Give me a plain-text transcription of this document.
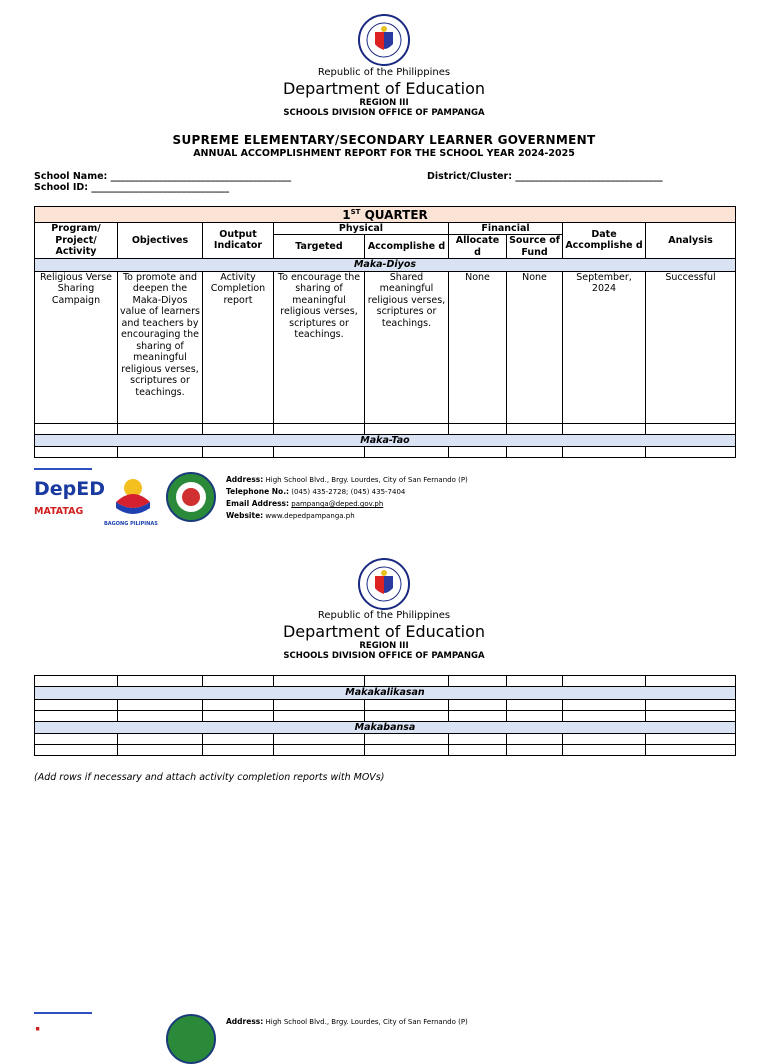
Republic of the Philippines
Department of Education
REGION III
SCHOOLS DIVISION OFFICE OF PAMPANGA
SUPREME ELEMENTARY/SECONDARY LEARNER GOVERNMENT
ANNUAL ACCOMPLISHMENT REPORT FOR THE SCHOOL YEAR 2024-2025
School Name: ______________________________________
School ID: _____________________________
District/Cluster: _______________________________
1ST QUARTER								
Program/ Project/ Activity	Objectives	Output Indicator	Physical		Financial		Date Accomplishe d	Analysis
			Targeted	Accomplishe d	Allocate d	Source of Fund		
Maka-Diyos								
Religious Verse Sharing Campaign	To promote and deepen the Maka-Diyos value of learners and teachers by encouraging the sharing of meaningful religious verses, scriptures or teachings.	Activity Completion report	To encourage the sharing of meaningful religious verses, scriptures or teachings.	Shared meaningful religious verses, scriptures or teachings.	None	None	September, 2024	Successful

Maka-Tao								

DepED
MATATAG
BAGONG PILIPINAS
Address: High School Blvd., Brgy. Lourdes, City of San Fernando (P)
Telephone No.: (045) 435-2728; (045) 435-7404
Email Address: pampanga@deped.gov.ph
Website: www.depedpampanga.ph
Republic of the Philippines
Department of Education
REGION III
SCHOOLS DIVISION OFFICE OF PAMPANGA

Makakalikasan								

Makabansa								

(Add rows if necessary and attach activity completion reports with MOVs)
·	Address: High School Blvd., Brgy. Lourdes, City of San Fernando (P)
